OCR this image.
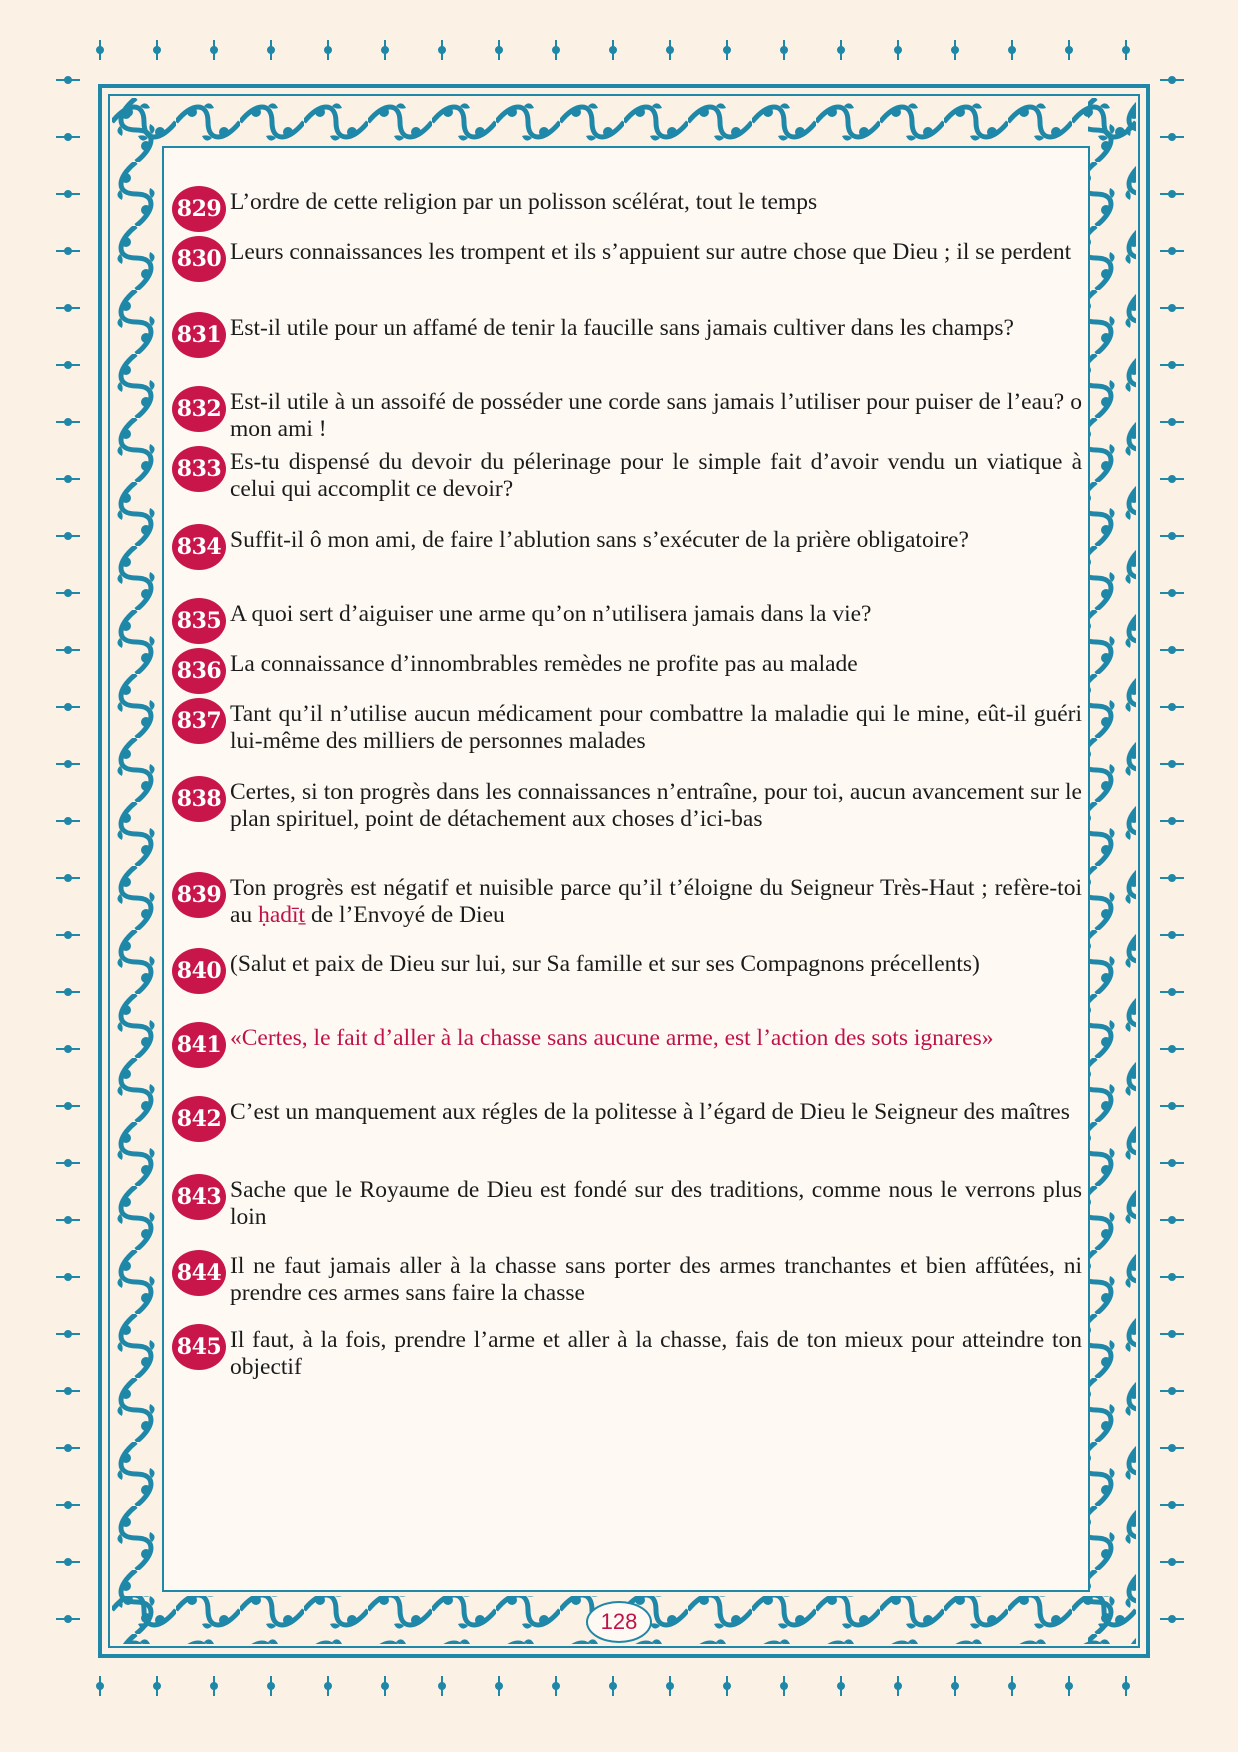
829 L’ordre de cette religion par un polisson scélérat, tout le temps
830 Leurs connaissances les trompent et ils s’appuient sur autre chose que Dieu ; il se perdent
831 Est-il utile pour un affamé de tenir la faucille sans jamais cultiver dans les champs?
832 Est-il utile à un assoifé de posséder une corde sans jamais l’utiliser pour puiser de l’eau? o mon ami !
833 Es-tu dispensé du devoir du pélerinage pour le simple fait d’avoir vendu un viatique à celui qui accomplit ce devoir?
834 Suffit-il ô mon ami, de faire l’ablution sans s’exécuter de la prière obligatoire?
835 A quoi sert d’aiguiser une arme qu’on n’utilisera jamais dans la vie?
836 La connaissance d’innombrables remèdes ne profite pas au malade
837 Tant qu’il n’utilise aucun médicament pour combattre la maladie qui le mine, eût-il guéri lui-même des milliers de personnes malades
838 Certes, si ton progrès dans les connaissances n’entraîne, pour toi, aucun avancement sur le plan spirituel, point de détachement aux choses d’ici-bas
839 Ton progrès est négatif et nuisible parce qu’il t’éloigne du Seigneur Très-Haut ; refère-toi au ḥadīṯ de l’Envoyé de Dieu
840 (Salut et paix de Dieu sur lui, sur Sa famille et sur ses Compagnons précellents)
841 «Certes, le fait d’aller à la chasse sans aucune arme, est l’action des sots ignares»
842 C’est un manquement aux régles de la politesse à l’égard de Dieu le Seigneur des maîtres
843 Sache que le Royaume de Dieu est fondé sur des traditions, comme nous le verrons plus loin
844 Il ne faut jamais aller à la chasse sans porter des armes tranchantes et bien affûtées, ni prendre ces armes sans faire la chasse
845 Il faut, à la fois, prendre l’arme et aller à la chasse, fais de ton mieux pour atteindre ton objectif
128
